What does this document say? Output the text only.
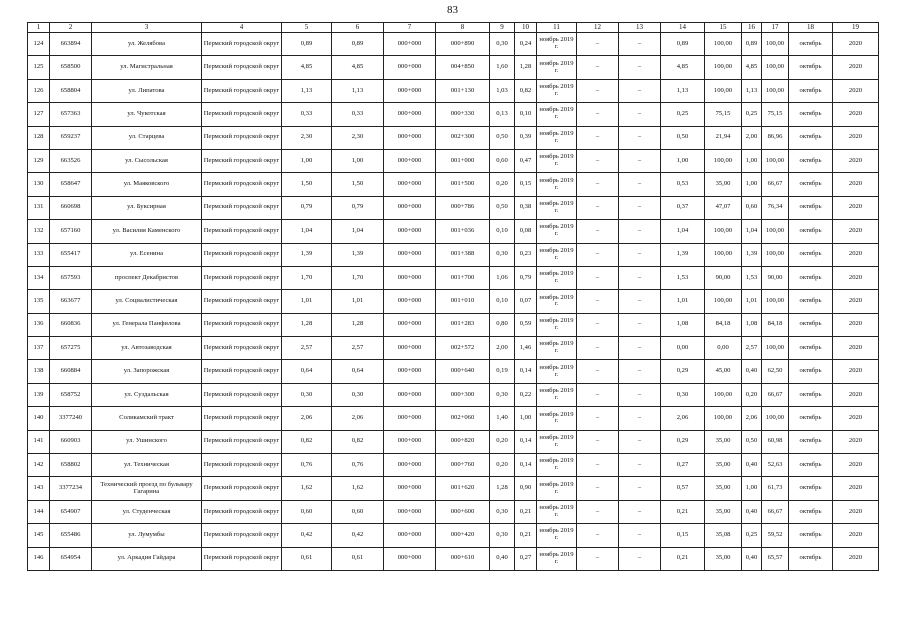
83
1	2	3	4	5	6	7	8	9	10	11	12	13	14	15	16	17	18	19
124	663894	ул. Желябова	Пермский городской округ	0,89	0,89	000+000	000+890	0,30	0,24	ноябрь 2019 г.	–	–	0,89	100,00	0,89	100,00	октябрь	2020
125	658500	ул. Магистральная	Пермский городской округ	4,85	4,85	000+000	004+850	1,60	1,28	ноябрь 2019 г.	–	–	4,85	100,00	4,85	100,00	октябрь	2020
126	658804	ул. Липатова	Пермский городской округ	1,13	1,13	000+000	001+130	1,03	0,82	ноябрь 2019 г.	–	–	1,13	100,00	1,13	100,00	октябрь	2020
127	657363	ул. Чукотская	Пермский городской округ	0,33	0,33	000+000	000+330	0,13	0,10	ноябрь 2019 г.	–	–	0,25	75,15	0,25	75,15	октябрь	2020
128	659237	ул. Старцева	Пермский городской округ	2,30	2,30	000+000	002+300	0,50	0,39	ноябрь 2019 г.	–	–	0,50	21,94	2,00	86,96	октябрь	2020
129	663526	ул. Сысольская	Пермский городской округ	1,00	1,00	000+000	001+000	0,60	0,47	ноябрь 2019 г.	–	–	1,00	100,00	1,00	100,00	октябрь	2020
130	658647	ул. Маяковского	Пермский городской округ	1,50	1,50	000+000	001+500	0,20	0,15	ноябрь 2019 г.	–	–	0,53	35,00	1,00	66,67	октябрь	2020
131	660698	ул. Буксирная	Пермский городской округ	0,79	0,79	000+000	000+786	0,50	0,38	ноябрь 2019 г.	–	–	0,37	47,07	0,60	76,34	октябрь	2020
132	657160	ул. Василия Каменского	Пермский городской округ	1,04	1,04	000+000	001+036	0,10	0,08	ноябрь 2019 г.	–	–	1,04	100,00	1,04	100,00	октябрь	2020
133	655417	ул. Есенина	Пермский городской округ	1,39	1,39	000+000	001+388	0,30	0,23	ноябрь 2019 г.	–	–	1,39	100,00	1,39	100,00	октябрь	2020
134	657593	проспект Декабристов	Пермский городской округ	1,70	1,70	000+000	001+700	1,06	0,79	ноябрь 2019 г.	–	–	1,53	90,00	1,53	90,00	октябрь	2020
135	663677	ул. Социалистическая	Пермский городской округ	1,01	1,01	000+000	001+010	0,10	0,07	ноябрь 2019 г.	–	–	1,01	100,00	1,01	100,00	октябрь	2020
136	660836	ул. Генерала Панфилова	Пермский городской округ	1,28	1,28	000+000	001+283	0,80	0,59	ноябрь 2019 г.	–	–	1,08	84,18	1,08	84,18	октябрь	2020
137	657275	ул. Автозаводская	Пермский городской округ	2,57	2,57	000+000	002+572	2,00	1,46	ноябрь 2019 г.	–	–	0,00	0,00	2,57	100,00	октябрь	2020
138	660884	ул. Запорожская	Пермский городской округ	0,64	0,64	000+000	000+640	0,19	0,14	ноябрь 2019 г.	–	–	0,29	45,00	0,40	62,50	октябрь	2020
139	658752	ул. Суздальская	Пермский городской округ	0,30	0,30	000+000	000+300	0,30	0,22	ноябрь 2019 г.	–	–	0,30	100,00	0,20	66,67	октябрь	2020
140	3377240	Соликамский тракт	Пермский городской округ	2,06	2,06	000+000	002+060	1,40	1,00	ноябрь 2019 г.	–	–	2,06	100,00	2,06	100,00	октябрь	2020
141	660903	ул. Ушинского	Пермский городской округ	0,82	0,82	000+000	000+820	0,20	0,14	ноябрь 2019 г.	–	–	0,29	35,00	0,50	60,98	октябрь	2020
142	658802	ул. Техническая	Пермский городской округ	0,76	0,76	000+000	000+760	0,20	0,14	ноябрь 2019 г.	–	–	0,27	35,00	0,40	52,63	октябрь	2020
143	3377234	Технический проезд по бульвару Гагарина	Пермский городской округ	1,62	1,62	000+000	001+620	1,28	0,90	ноябрь 2019 г.	–	–	0,57	35,00	1,00	61,73	октябрь	2020
144	654907	ул. Студенческая	Пермский городской округ	0,60	0,60	000+000	000+600	0,30	0,21	ноябрь 2019 г.	–	–	0,21	35,00	0,40	66,67	октябрь	2020
145	655486	ул. Лумумбы	Пермский городской округ	0,42	0,42	000+000	000+420	0,30	0,21	ноябрь 2019 г.	–	–	0,15	35,08	0,25	59,52	октябрь	2020
146	654954	ул. Аркадия Гайдара	Пермский городской округ	0,61	0,61	000+000	000+610	0,40	0,27	ноябрь 2019 г.	–	–	0,21	35,00	0,40	65,57	октябрь	2020
